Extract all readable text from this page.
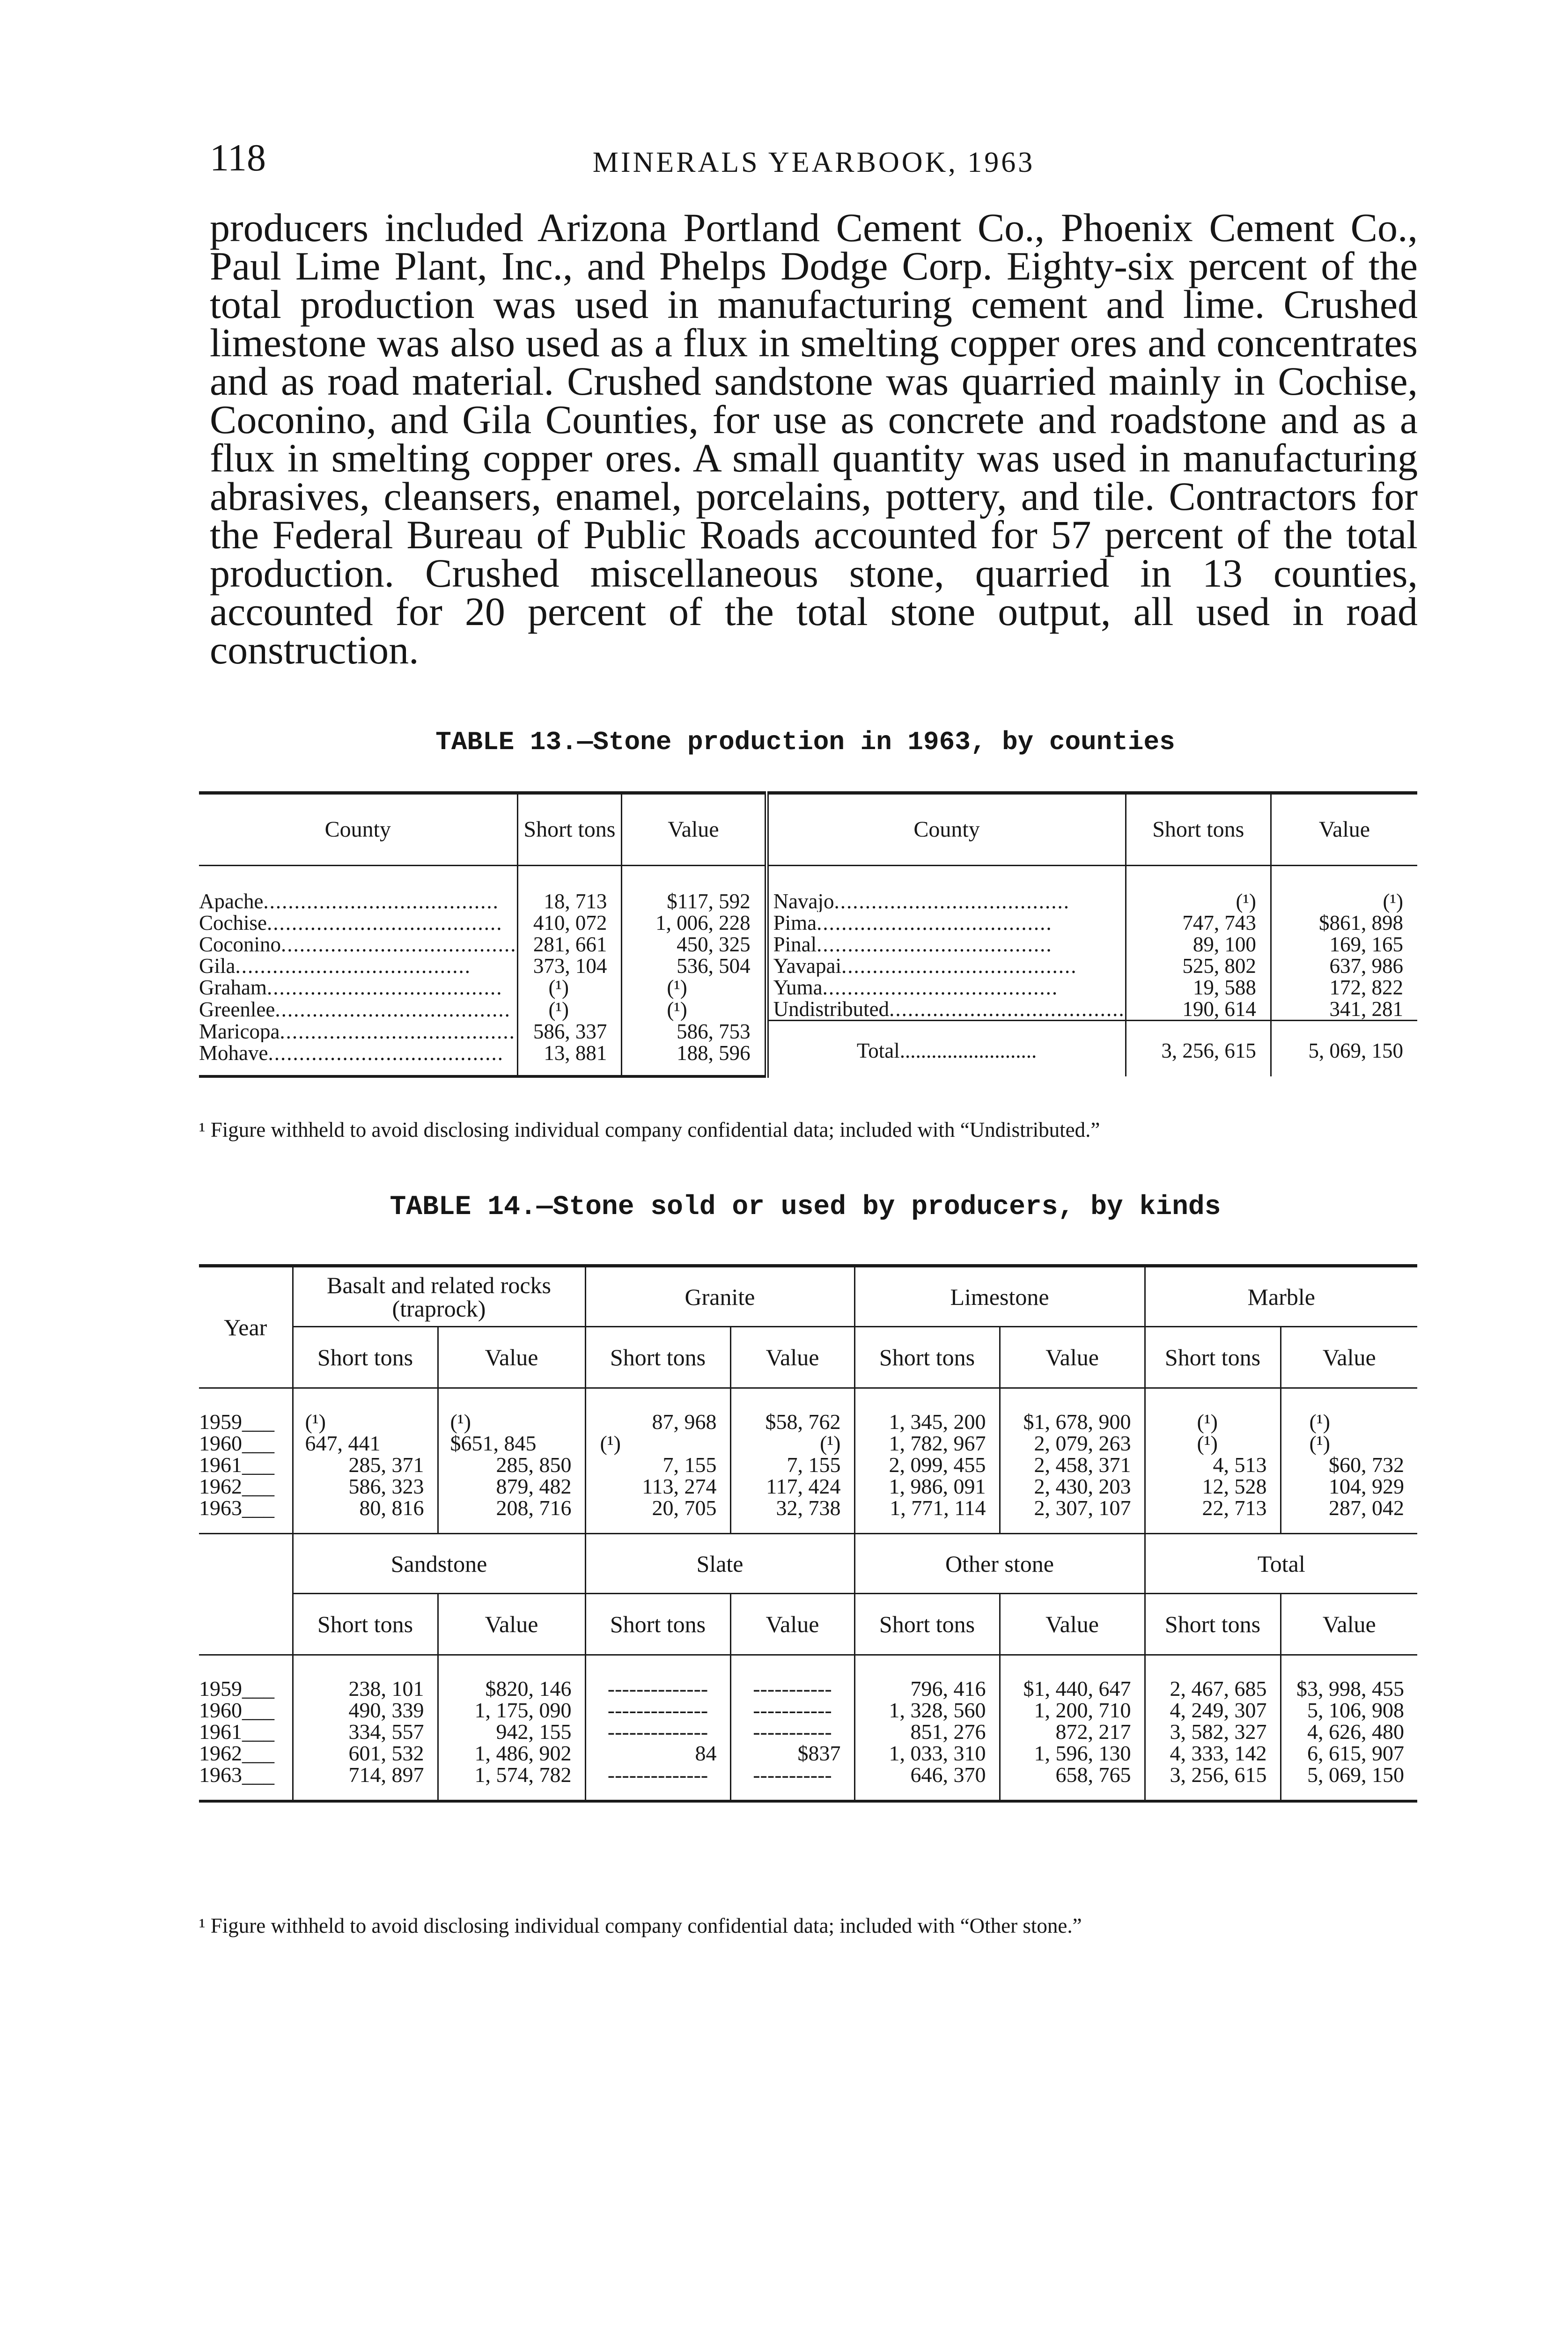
118	MINERALS YEARBOOK, 1963

producers included Arizona Portland Cement Co., Phoenix Cement Co., Paul Lime Plant, Inc., and Phelps Dodge Corp. Eighty-six percent of the total production was used in manufacturing cement and lime. Crushed limestone was also used as a flux in smelting copper ores and concentrates and as road material. Crushed sandstone was quarried mainly in Cochise, Coconino, and Gila Counties, for use as concrete and roadstone and as a flux in smelting copper ores. A small quantity was used in manufacturing abrasives, cleansers, enamel, porcelains, pottery, and tile. Contractors for the Federal Bureau of Public Roads accounted for 57 percent of the total production. Crushed miscellaneous stone, quarried in 13 counties, accounted for 20 percent of the total stone output, all used in road construction.

TABLE 13.—Stone production in 1963, by counties
County	Short tons	Value	County	Short tons	Value
Apache......................................	18, 713	$117, 592	Navajo......................................	(¹)	(¹)
Cochise......................................	410, 072	1, 006, 228	Pima......................................	747, 743	$861, 898
Coconino......................................	281, 661	450, 325	Pinal......................................	89, 100	169, 165
Gila......................................	373, 104	536, 504	Yavapai......................................	525, 802	637, 986
Graham......................................	(¹)	(¹)	Yuma......................................	19, 588	172, 822
Greenlee......................................	(¹)	(¹)	Undistributed......................................	190, 614	341, 281
Maricopa......................................	586, 337	586, 753	Total..........................	3, 256, 615	5, 069, 150
Mohave......................................	13, 881	188, 596			
¹ Figure withheld to avoid disclosing individual company confidential data; included with “Undistributed.”
TABLE 14.—Stone sold or used by producers, by kinds
Year	Basalt and related rocks (traprock)		Granite		Limestone		Marble	
	Short tons	Value	Short tons	Value	Short tons	Value	Short tons	Value
1959___	(¹)	(¹)	87, 968	$58, 762	1, 345, 200	$1, 678, 900	(¹)	(¹)
1960___	647, 441	$651, 845	(¹)	(¹)	1, 782, 967	2, 079, 263	(¹)	(¹)
1961___	285, 371	285, 850	7, 155	7, 155	2, 099, 455	2, 458, 371	4, 513	$60, 732
1962___	586, 323	879, 482	113, 274	117, 424	1, 986, 091	2, 430, 203	12, 528	104, 929
1963___	80, 816	208, 716	20, 705	32, 738	1, 771, 114	2, 307, 107	22, 713	287, 042
	Sandstone		Slate		Other stone		Total	
	Short tons	Value	Short tons	Value	Short tons	Value	Short tons	Value
1959___	238, 101	$820, 146	--------------	-----------	796, 416	$1, 440, 647	2, 467, 685	$3, 998, 455
1960___	490, 339	1, 175, 090	--------------	-----------	1, 328, 560	1, 200, 710	4, 249, 307	5, 106, 908
1961___	334, 557	942, 155	--------------	-----------	851, 276	872, 217	3, 582, 327	4, 626, 480
1962___	601, 532	1, 486, 902	84	$837	1, 033, 310	1, 596, 130	4, 333, 142	6, 615, 907
1963___	714, 897	1, 574, 782	--------------	-----------	646, 370	658, 765	3, 256, 615	5, 069, 150
¹ Figure withheld to avoid disclosing individual company confidential data; included with “Other stone.”
